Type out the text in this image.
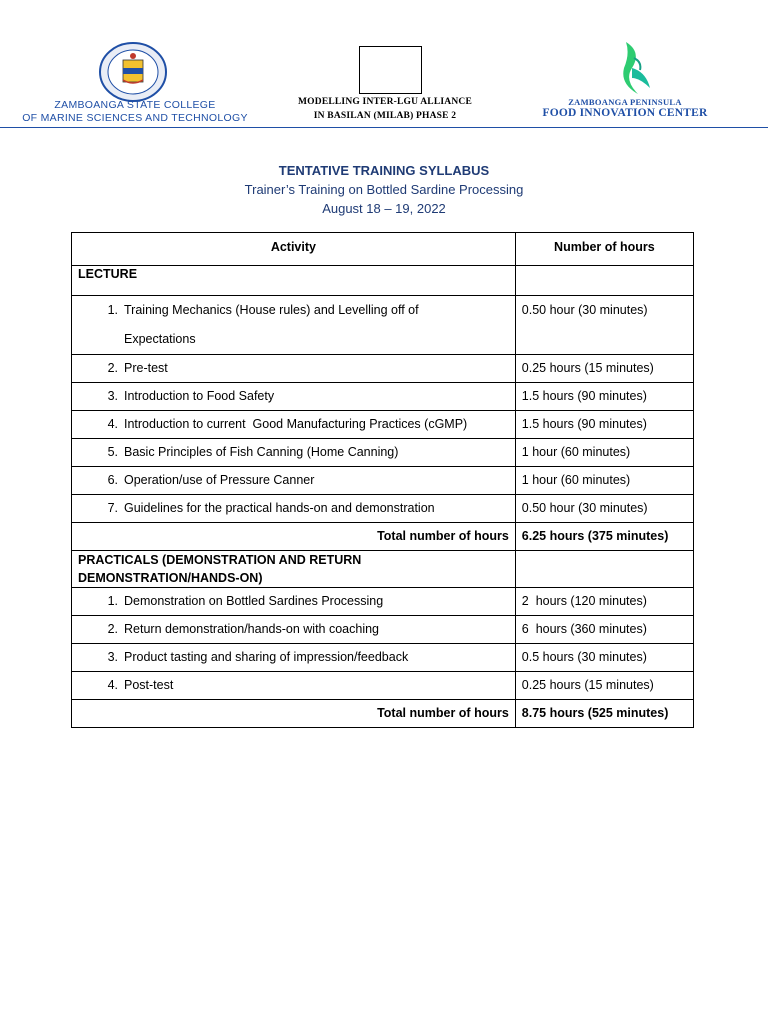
ZAMBOANGA STATE COLLEGE
OF MARINE SCIENCES AND TECHNOLOGY
MODELLING INTER-LGU ALLIANCE
IN BASILAN (MILAB) PHASE 2
ZAMBOANGA PENINSULA
FOOD INNOVATION CENTER
TENTATIVE TRAINING SYLLABUS
Trainer’s Training on Bottled Sardine Processing
August 18 – 19, 2022
Activity	Number of hours
LECTURE	
1. Training Mechanics (House rules) and Levelling off of
Expectations	0.50 hour (30 minutes)
2. Pre-test	0.25 hours (15 minutes)
3. Introduction to Food Safety	1.5 hours (90 minutes)
4. Introduction to current  Good Manufacturing Practices (cGMP)	1.5 hours (90 minutes)
5. Basic Principles of Fish Canning (Home Canning)	1 hour (60 minutes)
6. Operation/use of Pressure Canner	1 hour (60 minutes)
7. Guidelines for the practical hands-on and demonstration	0.50 hour (30 minutes)
Total number of hours	6.25 hours (375 minutes)
PRACTICALS (DEMONSTRATION AND RETURN
DEMONSTRATION/HANDS-ON)	
1. Demonstration on Bottled Sardines Processing	2  hours (120 minutes)
2. Return demonstration/hands-on with coaching	6  hours (360 minutes)
3. Product tasting and sharing of impression/feedback	0.5 hours (30 minutes)
4. Post-test	0.25 hours (15 minutes)
Total number of hours	8.75 hours (525 minutes)
